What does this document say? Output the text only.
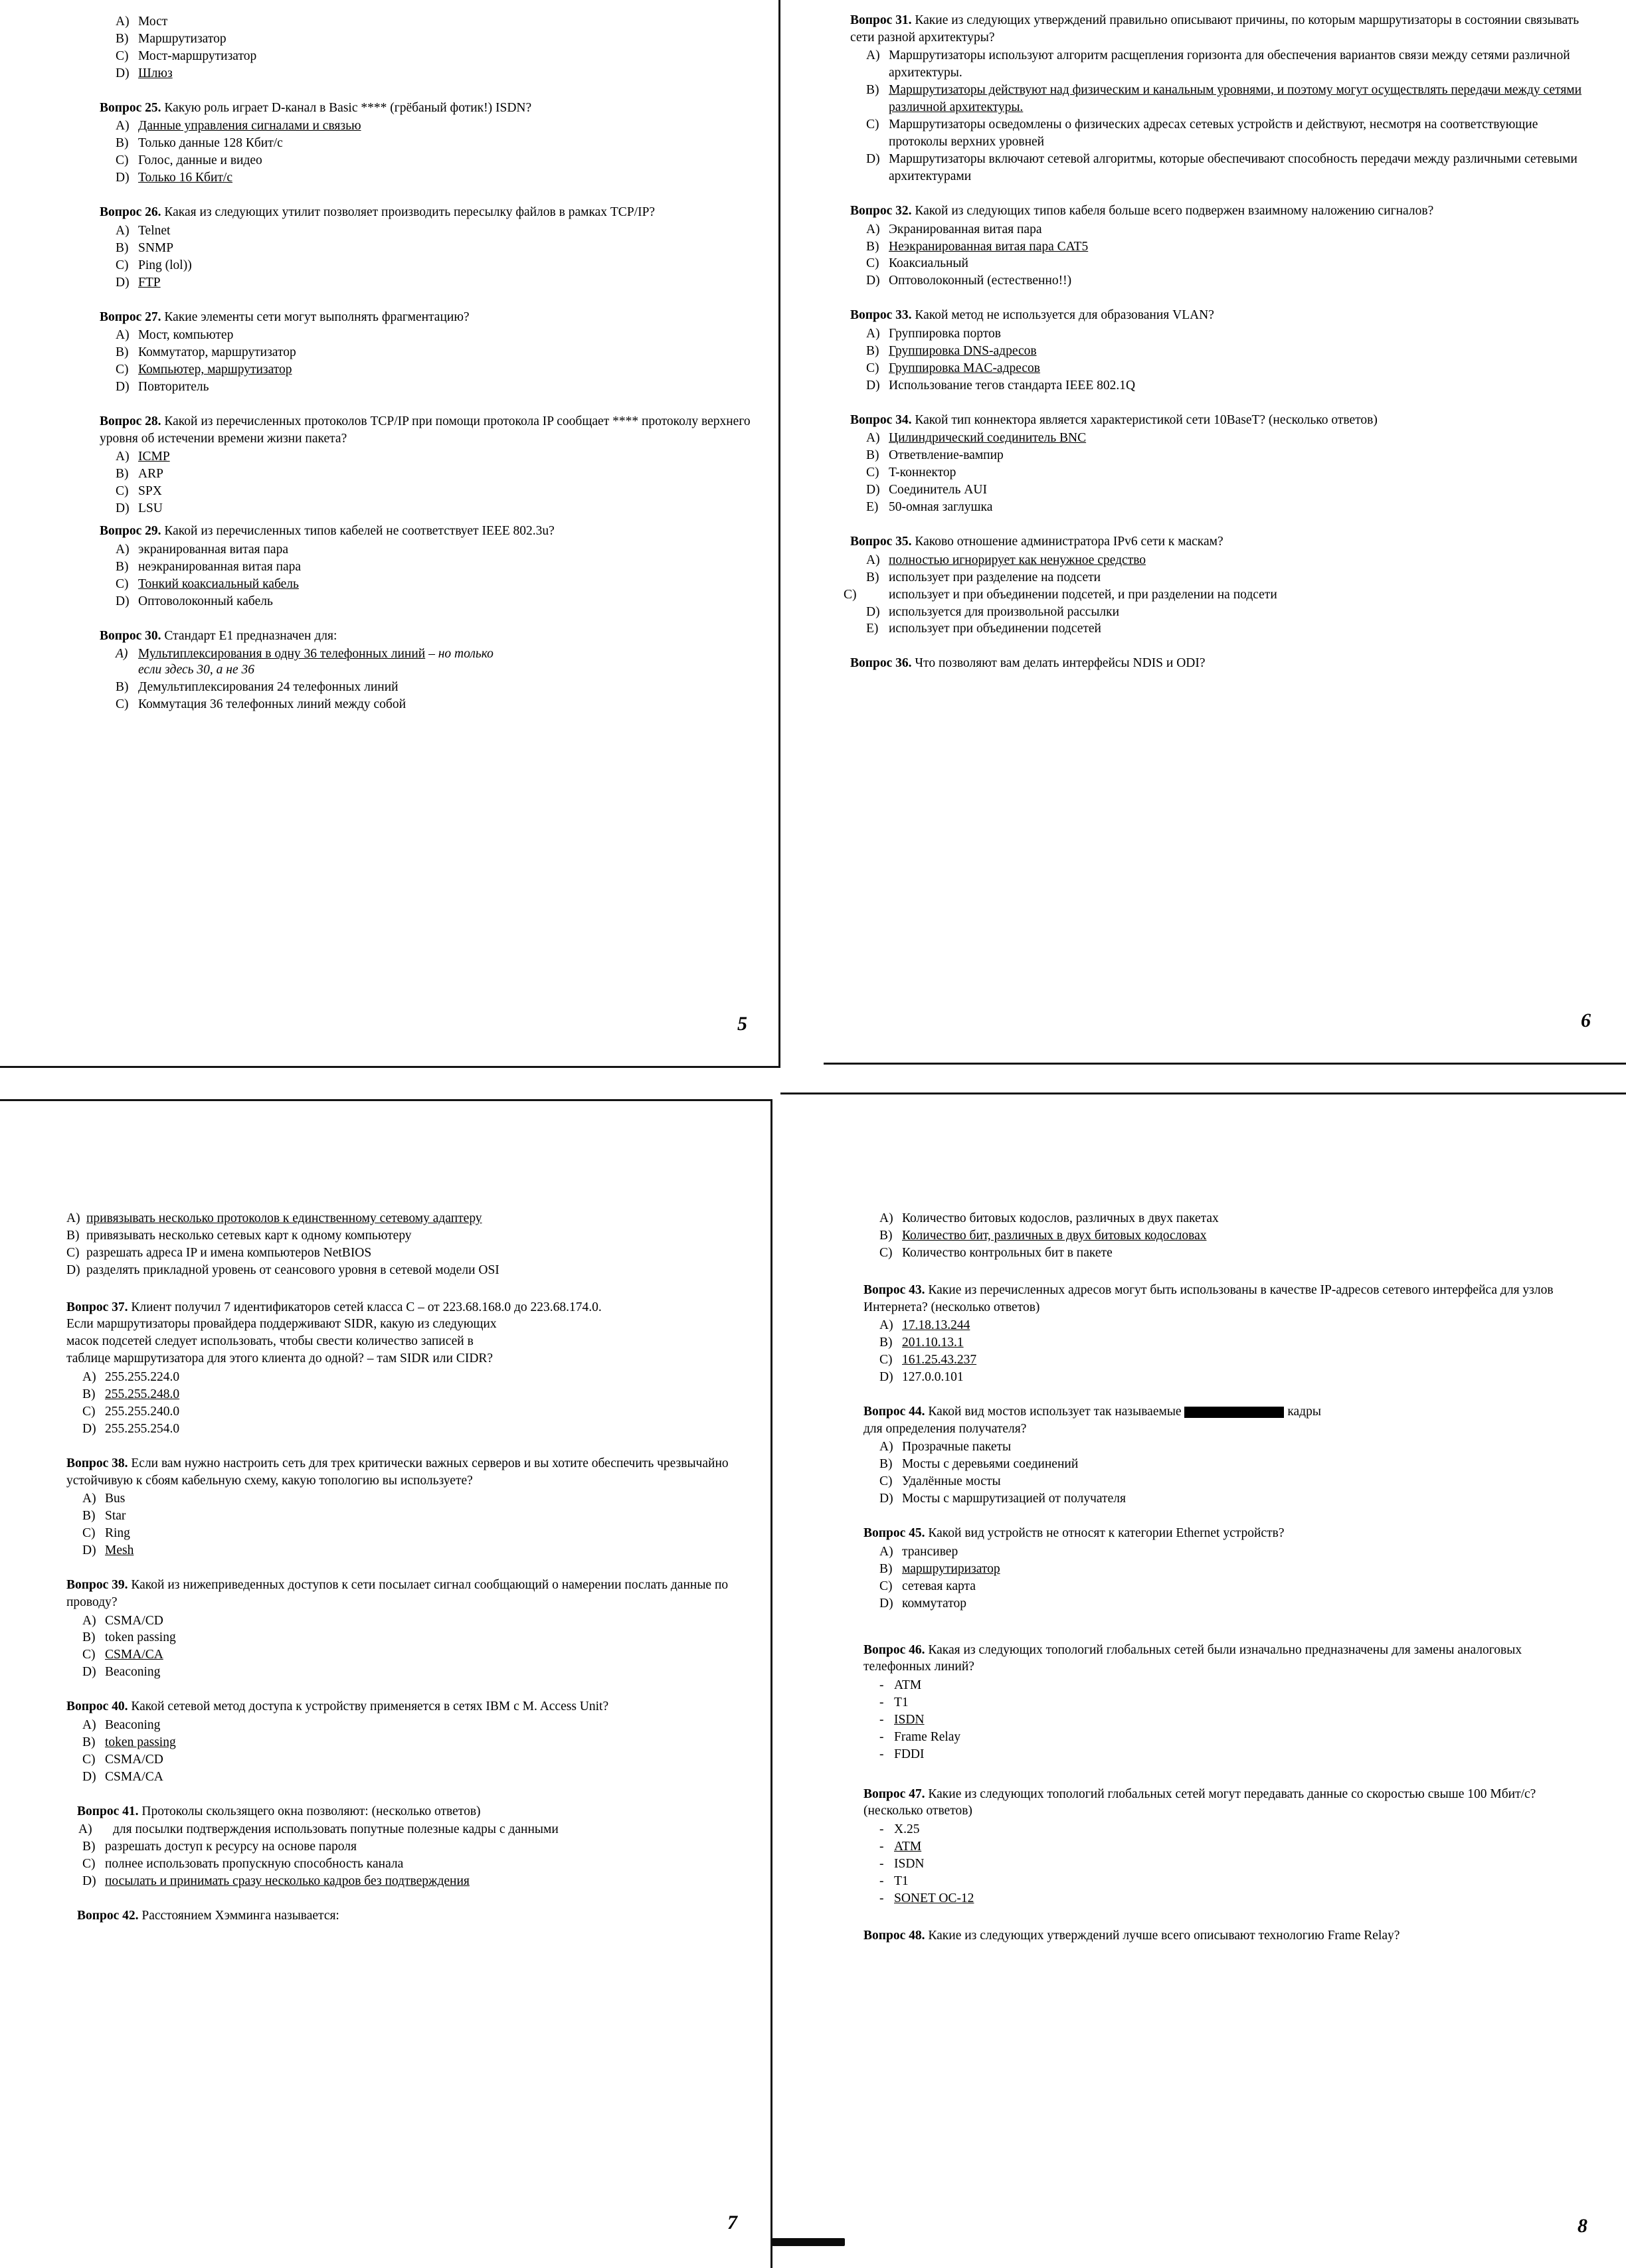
5	6
7	8
A) Мост
B) Маршрутизатор
C) Мост-маршрутизатор
D) Шлюз
Вопрос 25. Какую роль играет D-канал в Basic **** (грёбаный фотик!) ISDN?
A) Данные управления сигналами и связью
B) Только данные 128 Кбит/с
C) Голос, данные и видео
D) Только 16 Кбит/с
Вопрос 26. Какая из следующих утилит позволяет производить пересылку файлов в рамках TCP/IP?
A) Telnet
B) SNMP
C) Ping (lol))
D) FTP
Вопрос 27. Какие элементы сети могут выполнять фрагментацию?
A) Мост, компьютер
B) Коммутатор, маршрутизатор
C) Компьютер, маршрутизатор
D) Повторитель
Вопрос 28. Какой из перечисленных протоколов TCP/IP при помощи протокола IP сообщает **** протоколу верхнего уровня об истечении времени жизни пакета?
A) ICMP
B) ARP
C) SPX
D) LSU
Вопрос 29. Какой из перечисленных типов кабелей не соответствует IEEE 802.3u?
A) экранированная витая пара
B) неэкранированная витая пара
C) Тонкий коаксиальный кабель
D) Оптоволоконный кабель
Вопрос 30. Стандарт E1 предназначен для:
A) Мультиплексирования в одну 36 телефонных линий – но только
если здесь 30, а не 36
B) Демультиплексирования 24 телефонных линий
C) Коммутация 36 телефонных линий между собой
Вопрос 31. Какие из следующих утверждений правильно описывают причины, по которым маршрутизаторы в состоянии связывать сети разной архитектуры?
A) Маршрутизаторы используют алгоритм расщепления горизонта для обеспечения вариантов связи между сетями различной архитектуры.
B) Маршрутизаторы действуют над физическим и канальным уровнями, и поэтому могут осуществлять передачи между сетями различной архитектуры.
C) Маршрутизаторы осведомлены о физических адресах сетевых устройств и действуют, несмотря на соответствующие протоколы верхних уровней
D) Маршрутизаторы включают сетевой алгоритмы, которые обеспечивают способность передачи между различными сетевыми архитектурами
Вопрос 32. Какой из следующих типов кабеля больше всего подвержен взаимному наложению сигналов?
A) Экранированная витая пара
B) Неэкранированная витая пара CAT5
C) Коаксиальный
D) Оптоволоконный (естественно!!)
Вопрос 33. Какой метод не используется для образования VLAN?
A) Группировка портов
B) Группировка DNS-адресов
C) Группировка MAC-адресов
D) Использование тегов стандарта IEEE 802.1Q
Вопрос 34. Какой тип коннектора является характеристикой сети 10BaseT? (несколько ответов)
A) Цилиндрический соединитель BNC
B) Ответвление-вампир
C) T-коннектор
D) Соединитель AUI
E) 50-омная заглушка
Вопрос 35. Каково отношение администратора IPv6 сети к маскам?
A) полностью игнорирует как ненужное средство
B) использует при разделение на подсети
C) использует и при объединении подсетей, и при разделении на подсети
D) используется для произвольной рассылки
E) использует при объединении подсетей
Вопрос 36. Что позволяют вам делать интерфейсы NDIS и ODI?
A) привязывать несколько протоколов к единственному сетевому адаптеру
B) привязывать несколько сетевых карт к одному компьютеру
C) разрешать адреса IP и имена компьютеров NetBIOS
D) разделять прикладной уровень от сеансового уровня в сетевой модели OSI
Вопрос 37. Клиент получил 7 идентификаторов сетей класса C – от 223.68.168.0 до 223.68.174.0.
Если маршрутизаторы провайдера поддерживают SIDR, какую из следующих
масок подсетей следует использовать, чтобы свести количество записей в
таблице маршрутизатора для этого клиента до одной? – там SIDR или CIDR?
A) 255.255.224.0
B) 255.255.248.0
C) 255.255.240.0
D) 255.255.254.0
Вопрос 38. Если вам нужно настроить сеть для трех критически важных серверов и вы хотите обеспечить чрезвычайно устойчивую к сбоям кабельную схему, какую топологию вы используете?
A) Bus
B) Star
C) Ring
D) Mesh
Вопрос 39. Какой из нижеприведенных доступов к сети посылает сигнал сообщающий о намерении послать данные по проводу?
A) CSMA/CD
B) token passing
C) CSMA/CA
D) Beaconing
Вопрос 40. Какой сетевой метод доступа к устройству применяется в сетях IBM с M. Access Unit?
A) Beaconing
B) token passing
C) CSMA/CD
D) CSMA/CA
Вопрос 41. Протоколы скользящего окна позволяют: (несколько ответов)
A) для посылки подтверждения использовать попутные полезные кадры с данными
B) разрешать доступ к ресурсу на основе пароля
C) полнее использовать пропускную способность канала
D) посылать и принимать сразу несколько кадров без подтверждения
Вопрос 42. Расстоянием Хэмминга называется:
A) Количество битовых кодослов, различных в двух пакетах
B) Количество бит, различных в двух битовых кодословах
C) Количество контрольных бит в пакете
Вопрос 43. Какие из перечисленных адресов могут быть использованы в качестве IP-адресов сетевого интерфейса для узлов Интернета? (несколько ответов)
A) 17.18.13.244
B) 201.10.13.1
C) 161.25.43.237
D) 127.0.0.101
Вопрос 44. Какой вид мостов использует так называемые	кадры
для определения получателя?
A) Прозрачные пакеты
B) Мосты с деревьями соединений
C) Удалённые мосты
D) Мосты с маршрутизацией от получателя
Вопрос 45. Какой вид устройств не относят к категории Ethernet устройств?
A) трансивер
B) маршрутиризатор
C) сетевая карта
D) коммутатор
Вопрос 46. Какая из следующих топологий глобальных сетей были изначально предназначены для замены аналоговых телефонных линий?
- ATM
- T1
- ISDN
- Frame Relay
- FDDI
Вопрос 47. Какие из следующих топологий глобальных сетей могут передавать данные со скоростью свыше 100 Мбит/с? (несколько ответов)
- X.25
- ATM
- ISDN
- T1
- SONET OC-12
Вопрос 48. Какие из следующих утверждений лучше всего описывают технологию Frame Relay?
